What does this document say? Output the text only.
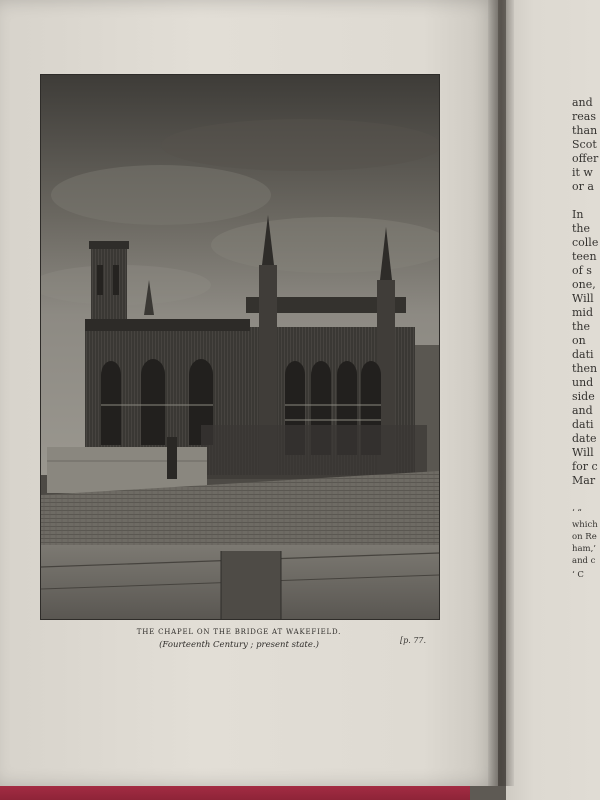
THE CHAPEL ON THE BRIDGE AT WAKEFIELD.
(Fourteenth Century ; present state.)	[p. 77.
and
reas
than
Scot
offer
it w
or a
In
the
colle
teen
of s
one,
Will
mid
the
on
dati
then
und
side
and
dati
date
Will
for c
Mar
‘ “
which
on Re
ham,’
and c
‘ C
